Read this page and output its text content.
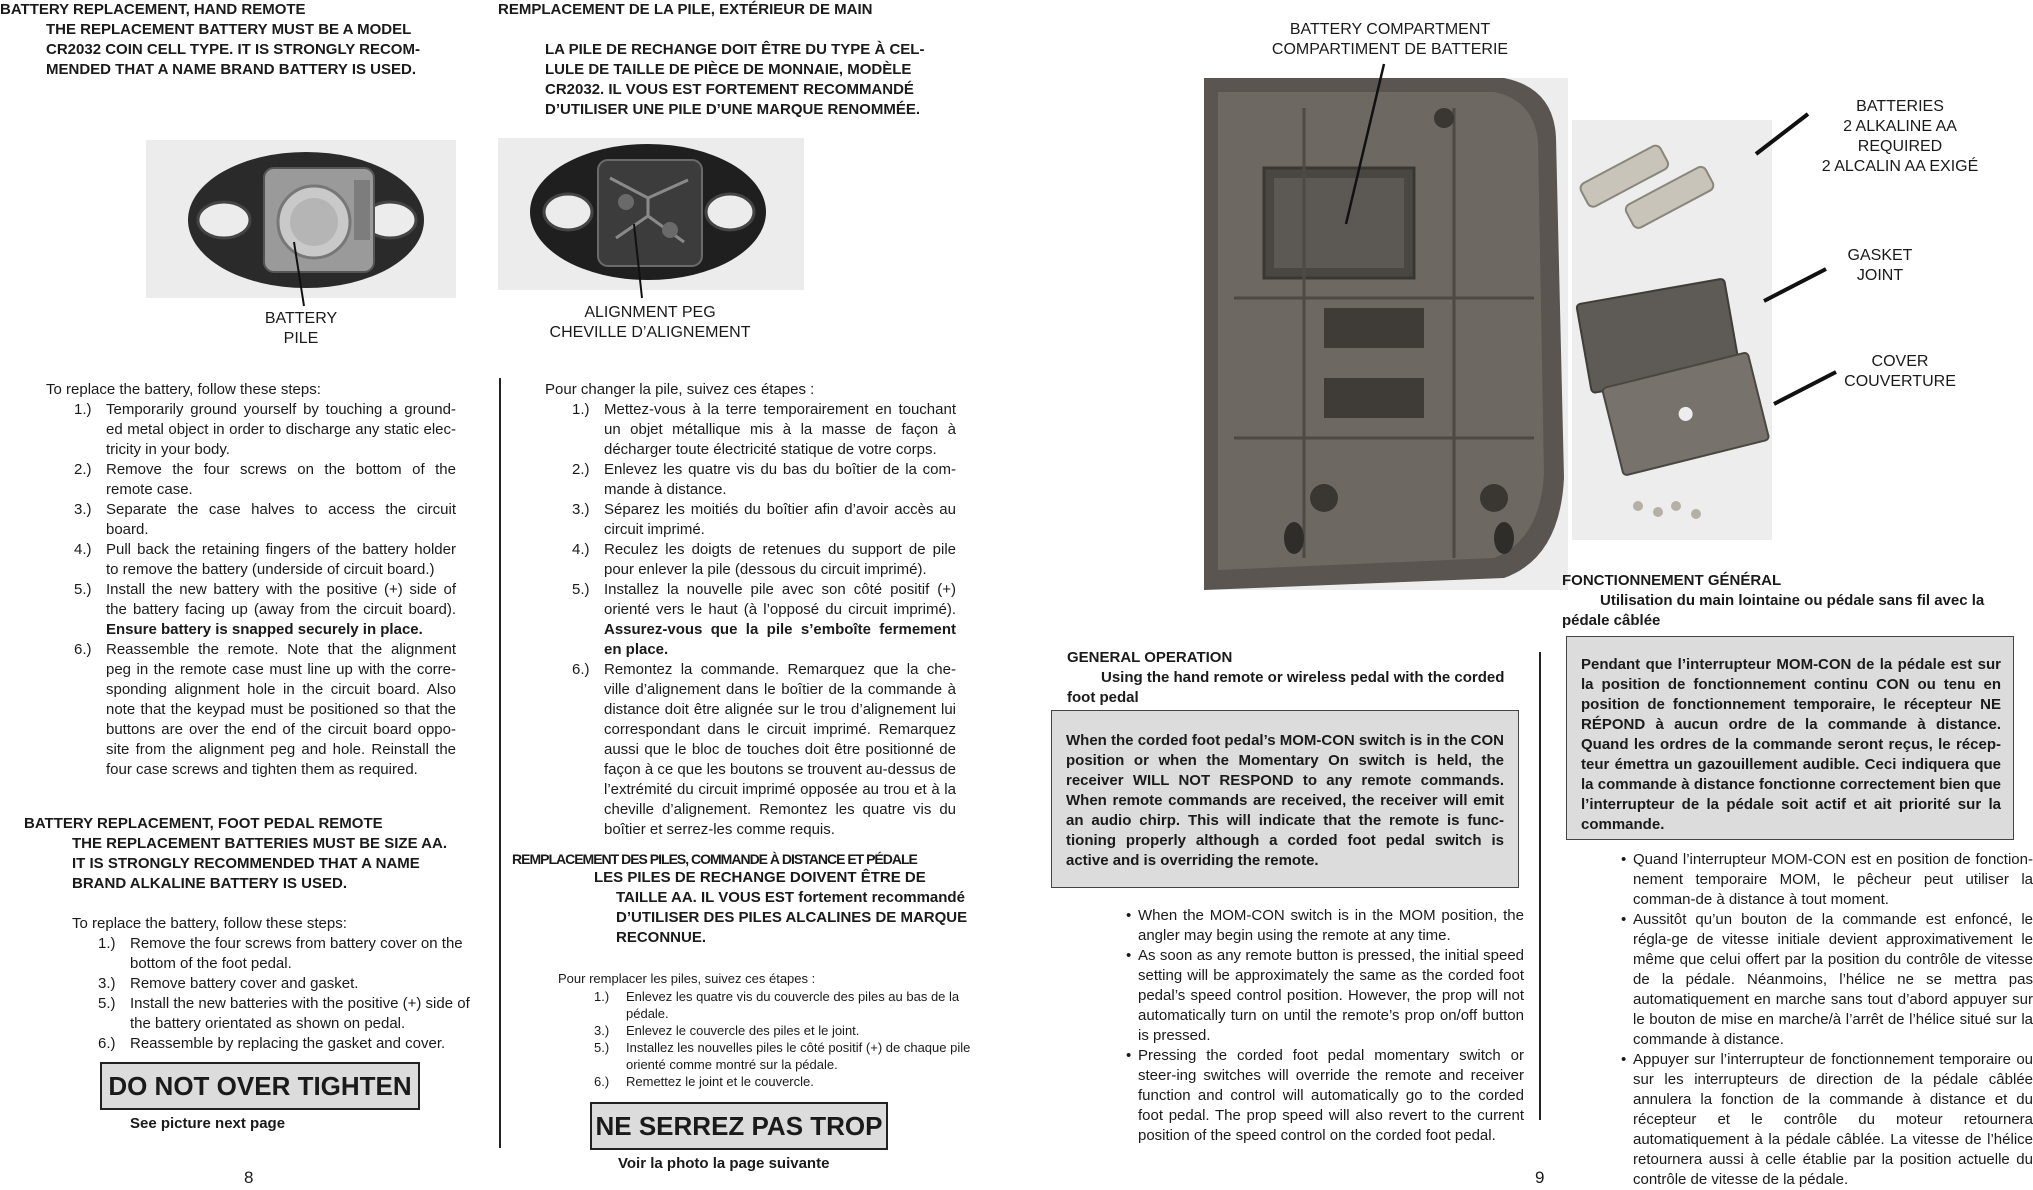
BATTERY REPLACEMENT, HAND REMOTE
THE REPLACEMENT BATTERY MUST BE A MODEL
CR2032 COIN CELL TYPE. IT IS STRONGLY RECOM-
MENDED THAT A NAME BRAND BATTERY IS USED.
BATTERY
PILE
To replace the battery, follow these steps:
1.) Temporarily ground yourself by touching a ground-ed metal object in order to discharge any static elec-tricity in your body.
2.) Remove the four screws on the bottom of the remote case.
3.) Separate the case halves to access the circuit board.
4.) Pull back the retaining fingers of the battery holder to remove the battery (underside of circuit board.)
5.) Install the new battery with the positive (+) side of the battery facing up (away from the circuit board). Ensure battery is snapped securely in place.
6.) Reassemble the remote. Note that the alignment peg in the remote case must line up with the corre-sponding alignment hole in the circuit board. Also note that the keypad must be positioned so that the buttons are over the end of the circuit board oppo-site from the alignment peg and hole. Reinstall the four case screws and tighten them as required.
BATTERY REPLACEMENT, FOOT PEDAL REMOTE
THE REPLACEMENT BATTERIES MUST BE SIZE AA.
IT IS STRONGLY RECOMMENDED THAT A NAME
BRAND ALKALINE BATTERY IS USED.
To replace the battery, follow these steps:
1.) Remove the four screws from battery cover on the bottom of the foot pedal.
3.) Remove battery cover and gasket.
5.) Install the new batteries with the positive (+) side of the battery orientated as shown on pedal.
6.) Reassemble by replacing the gasket and cover.
DO NOT OVER TIGHTEN
See picture next page
REMPLACEMENT DE LA PILE, EXTÉRIEUR DE MAIN
LA PILE DE RECHANGE DOIT ÊTRE DU TYPE À CEL-
LULE DE TAILLE DE PIÈCE DE MONNAIE, MODÈLE
CR2032. IL VOUS EST FORTEMENT RECOMMANDÉ
D’UTILISER UNE PILE D’UNE MARQUE RENOMMÉE.
ALIGNMENT PEG
CHEVILLE D’ALIGNEMENT
Pour changer la pile, suivez ces étapes :
1.) Mettez-vous à la terre temporairement en touchant un objet métallique mis à la masse de façon à décharger toute électricité statique de votre corps.
2.) Enlevez les quatre vis du bas du boîtier de la com-mande à distance.
3.) Séparez les moitiés du boîtier afin d’avoir accès au circuit imprimé.
4.) Reculez les doigts de retenues du support de pile pour enlever la pile (dessous du circuit imprimé).
5.) Installez la nouvelle pile avec son côté positif (+) orienté vers le haut (à l’opposé du circuit imprimé). Assurez-vous que la pile s’emboîte fermement en place.
6.) Remontez la commande. Remarquez que la che-ville d’alignement dans le boîtier de la commande à distance doit être alignée sur le trou d’alignement lui correspondant dans le circuit imprimé. Remarquez aussi que le bloc de touches doit être positionné de façon à ce que les boutons se trouvent au-dessus de l’extrémité du circuit imprimé opposée au trou et à la cheville d’alignement. Remontez les quatre vis du boîtier et serrez-les comme requis.
REMPLACEMENT DES PILES, COMMANDE À DISTANCE ET PÉDALE
LES PILES DE RECHANGE DOIVENT ÊTRE DE
TAILLE AA. IL VOUS EST fortement recommandé
D’UTILISER DES PILES ALCALINES DE MARQUE
RECONNUE.
Pour remplacer les piles, suivez ces étapes :
1.) Enlevez les quatre vis du couvercle des piles au bas de la pédale.
3.) Enlevez le couvercle des piles et le joint.
5.) Installez les nouvelles piles le côté positif (+) de chaque pile orienté comme montré sur la pédale.
6.) Remettez le joint et le couvercle.
NE SERREZ PAS TROP
Voir la photo la page suivante
8
BATTERY COMPARTMENT
COMPARTIMENT DE BATTERIE
BATTERIES
2 ALKALINE AA
REQUIRED
2 ALCALIN AA EXIGÉ
GASKET
JOINT
COVER
COUVERTURE
GENERAL OPERATION
Using the hand remote or wireless pedal with the corded foot pedal
When the corded foot pedal’s MOM-CON switch is in the CON position or when the Momentary On switch is held, the receiver WILL NOT RESPOND to any remote commands. When remote commands are received, the receiver will emit an audio chirp. This will indicate that the remote is func-tioning properly although a corded foot pedal switch is active and is overriding the remote.
• When the MOM-CON switch is in the MOM position, the angler may begin using the remote at any time.
• As soon as any remote button is pressed, the initial speed setting will be approximately the same as the corded foot pedal’s speed control position. However, the prop will not automatically turn on until the remote’s prop on/off button is pressed.
• Pressing the corded foot pedal momentary switch or steer-ing switches will override the remote and receiver function and control will automatically go to the corded foot pedal. The prop speed will also revert to the current position of the speed control on the corded foot pedal.
FONCTIONNEMENT GÉNÉRAL
Utilisation du main lointaine ou pédale sans fil avec la pédale câblée
Pendant que l’interrupteur MOM-CON de la pédale est sur la position de fonctionnement continu CON ou tenu en position de fonctionnement temporaire, le récepteur NE RÉPOND à aucun ordre de la commande à distance. Quand les ordres de la commande seront reçus, le récep-teur émettra un gazouillement audible. Ceci indiquera que la commande à distance fonctionne correctement bien que l’interrupteur de la pédale soit actif et ait priorité sur la commande.
• Quand l’interrupteur MOM-CON est en position de fonction-nement temporaire MOM, le pêcheur peut utiliser la comman-de à distance à tout moment.
• Aussitôt qu’un bouton de la commande est enfoncé, le régla-ge de vitesse initiale devient approximativement le même que celui offert par la position du contrôle de vitesse de la pédale. Néanmoins, l’hélice ne se mettra pas automatiquement en marche sans tout d’abord appuyer sur le bouton de mise en marche/à l’arrêt de l’hélice situé sur la commande à distance.
• Appuyer sur l’interrupteur de fonctionnement temporaire ou sur les interrupteurs de direction de la pédale câblée annulera la fonction de la commande à distance et du récepteur et le contrôle du moteur retournera automatiquement à la pédale câblée. La vitesse de l’hélice retournera aussi à celle établie par la position actuelle du contrôle de vitesse de la pédale.
9
